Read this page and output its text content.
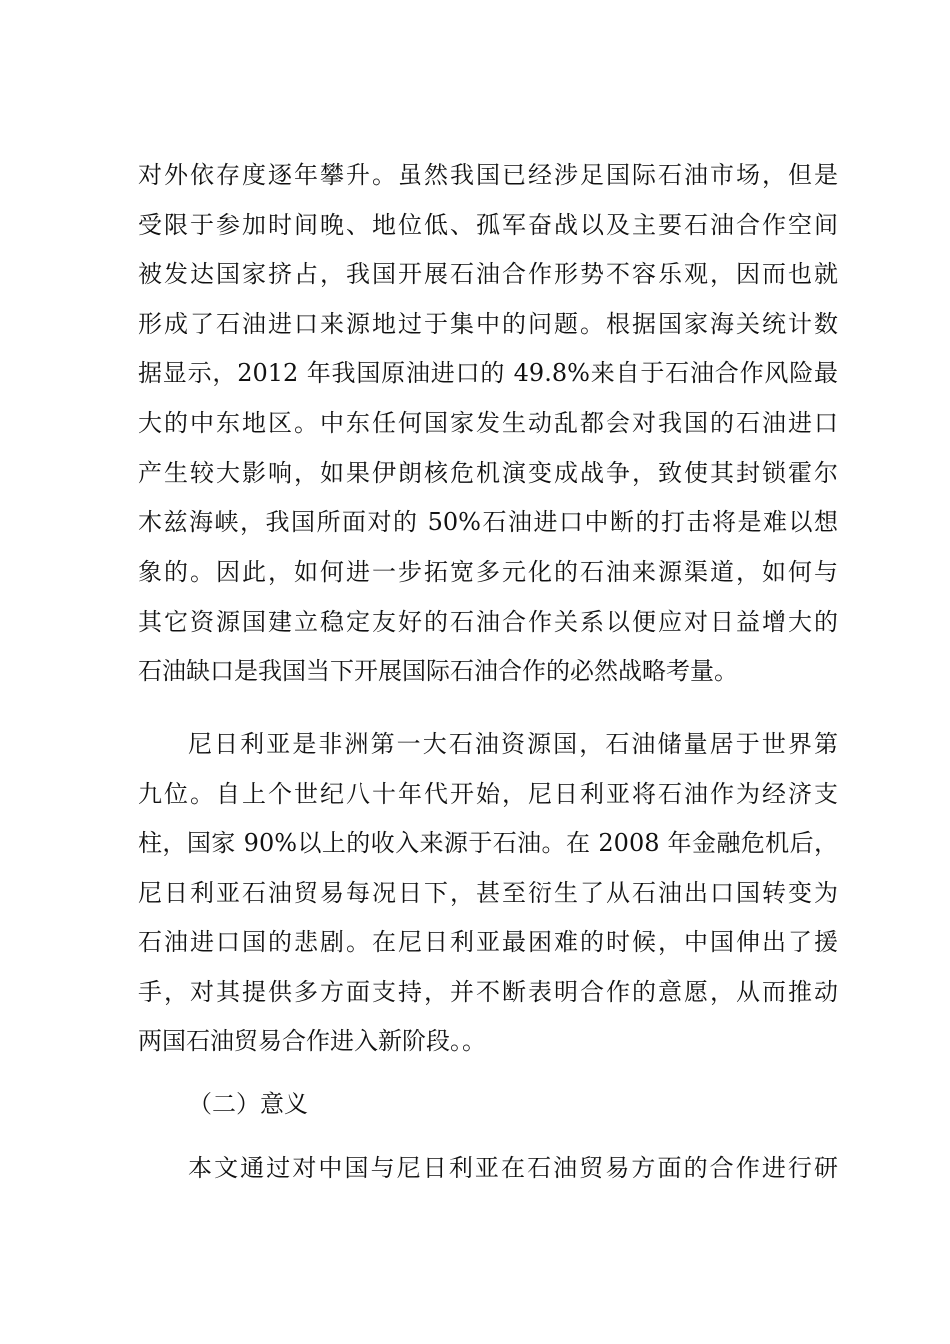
对外依存度逐年攀升。虽然我国已经涉足国际石油市场，但是
受限于参加时间晚、地位低、孤军奋战以及主要石油合作空间
被发达国家挤占，我国开展石油合作形势不容乐观，因而也就
形成了石油进口来源地过于集中的问题。根据国家海关统计数
据显示，2012 年我国原油进口的 49.8%来自于石油合作风险最
大的中东地区。中东任何国家发生动乱都会对我国的石油进口
产生较大影响，如果伊朗核危机演变成战争，致使其封锁霍尔
木兹海峡，我国所面对的 50%石油进口中断的打击将是难以想
象的。因此，如何进一步拓宽多元化的石油来源渠道，如何与
其它资源国建立稳定友好的石油合作关系以便应对日益增大的
石油缺口是我国当下开展国际石油合作的必然战略考量。
尼日利亚是非洲第一大石油资源国，石油储量居于世界第
九位。自上个世纪八十年代开始，尼日利亚将石油作为经济支
柱，国家 90%以上的收入来源于石油。在 2008 年金融危机后，
尼日利亚石油贸易每况日下，甚至衍生了从石油出口国转变为
石油进口国的悲剧。在尼日利亚最困难的时候，中国伸出了援
手，对其提供多方面支持，并不断表明合作的意愿，从而推动
两国石油贸易合作进入新阶段。。
（二）意义
本文通过对中国与尼日利亚在石油贸易方面的合作进行研
